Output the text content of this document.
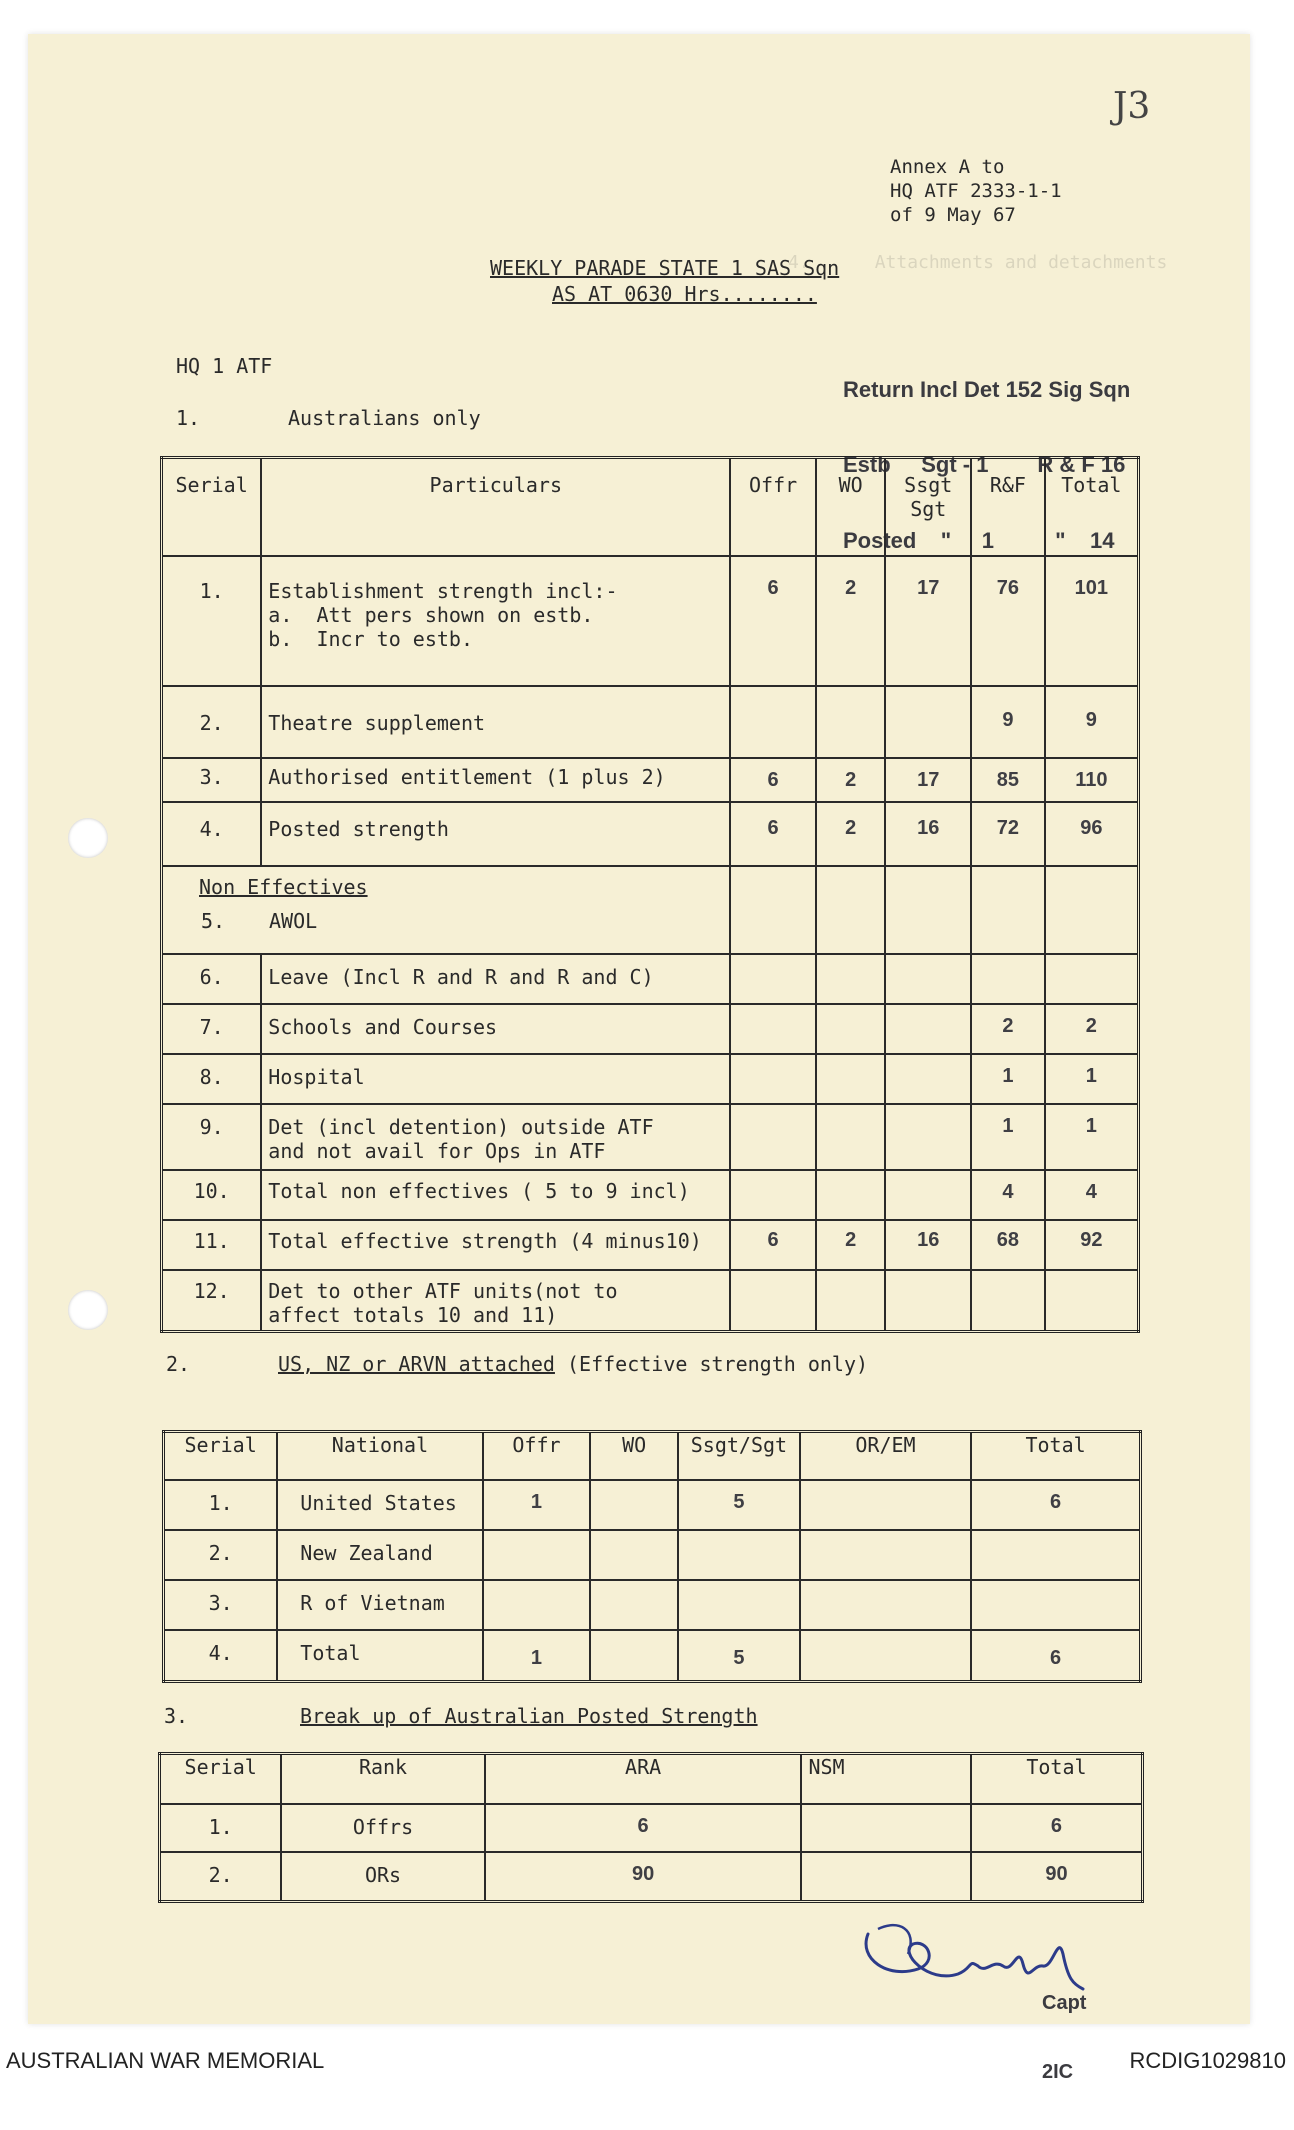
4.      Attachments and detachments
J3
Annex A to
HQ ATF 2333-1-1
of 9 May 67
WEEKLY PARADE STATE 1 SAS Sqn
AS AT 0630 Hrs........

Return Incl Det 152 Sig Sqn

Estb     Sgt - 1        R & F 16

Posted    "     1          "    14

HQ 1 ATF
1.	Australians only
Serial	Particulars	Offr	WO	Ssgt
Sgt	R&F	Total
1.	Establishment strength incl:-
a.  Att pers shown on estb.
b.  Incr to estb.	6	2	17	76	101
2.	Theatre supplement				9	9
3.	Authorised entitlement (1 plus 2)	6	2	17	85	110
4.	Posted strength	6	2	16	72	96

Non Effectives
5. AWOL						

6.	Leave (Incl R and R and R and C)					
7.	Schools and Courses				2	2
8.	Hospital				1	1
9.	Det (incl detention) outside ATF
and not avail for Ops in ATF				1	1
10.	Total non effectives ( 5 to 9 incl)				4	4
11.	Total effective strength (4 minus10)	6	2	16	68	92
12.	Det to other ATF units(not to
affect totals 10 and 11)					
2.	US, NZ or ARVN attached (Effective strength only)
Serial	National	Offr	WO	Ssgt/Sgt	OR/EM	Total
1.	United States	1		5		6
2.	New Zealand					
3.	R of Vietnam					
4.	Total	1		5		6
3.	Break up of Australian Posted Strength
Serial	Rank	ARA	NSM	Total
1.	Offrs	6		6
2.	ORs	90		90

Capt

2IC

AUSTRALIAN WAR MEMORIAL	RCDIG1029810
